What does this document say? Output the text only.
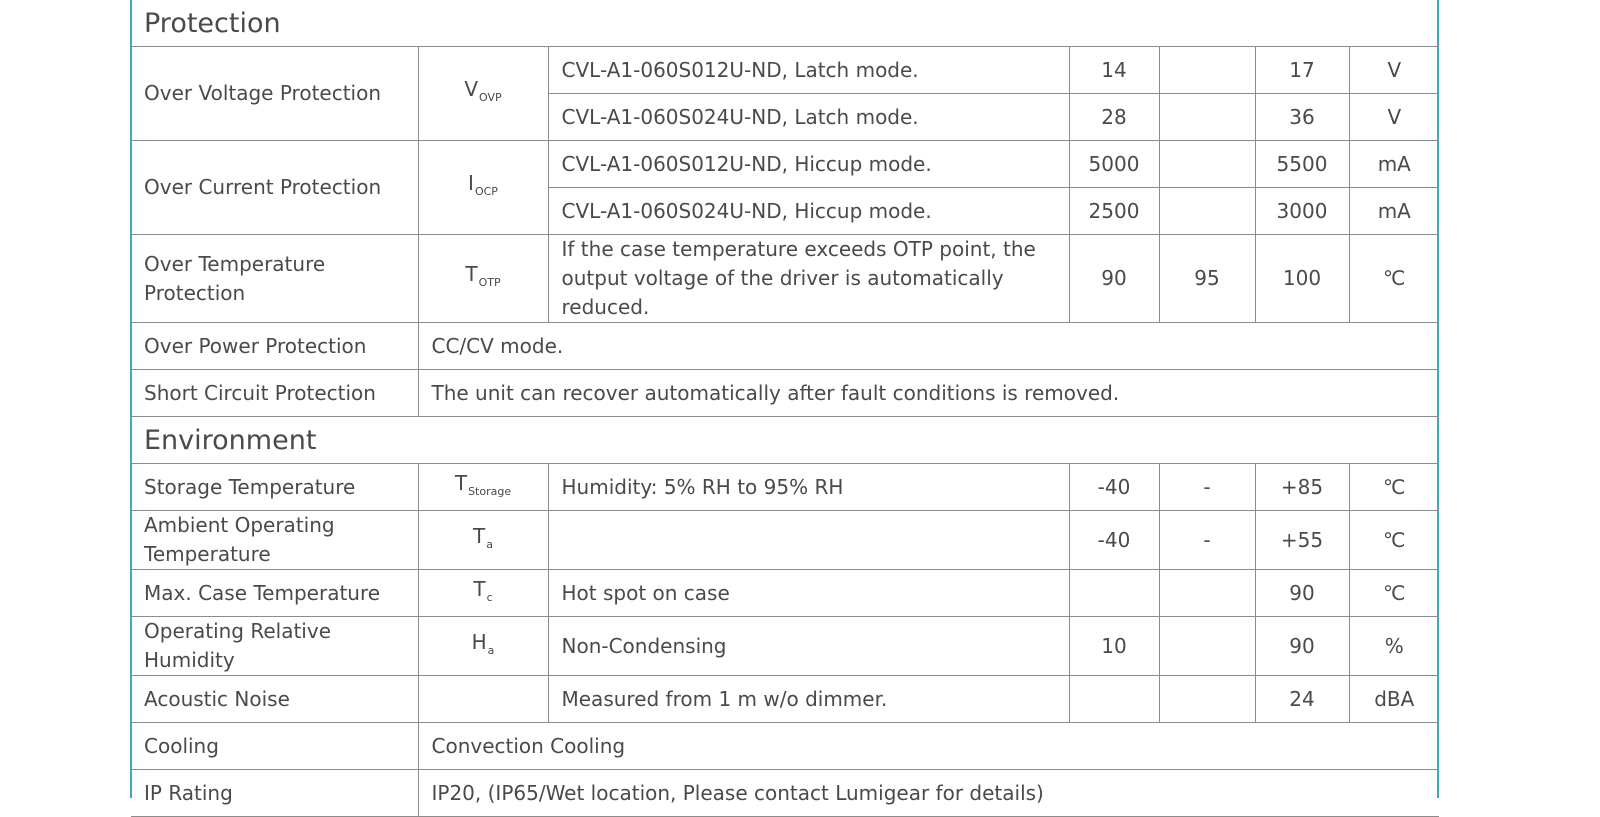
Protection						
Over Voltage Protection	$V_{OVP}$	CVL-A1-060S012U-ND, Latch mode.	14		17	V
		CVL-A1-060S024U-ND, Latch mode.	28		36	V
Over Current Protection	$I_{OCP}$	CVL-A1-060S012U-ND, Hiccup mode.	5000		5500	mA
		CVL-A1-060S024U-ND, Hiccup mode.	2500		3000	mA
Over Temperature Protection	$T_{OTP}$	If the case temperature exceeds OTP point, the output voltage of the driver is automatically reduced.	90	95	100	℃
Over Power Protection	CC/CV mode.					
Short Circuit Protection	The unit can recover automatically after fault conditions is removed.					
Environment						
Storage Temperature	$T_{Storage}$	Humidity: 5% RH to 95% RH	-40	-	+85	℃
Ambient Operating Temperature	$T_a$		-40	-	+55	℃
Max. Case Temperature	$T_c$	Hot spot on case			90	℃
Operating Relative Humidity	$H_a$	Non-Condensing	10		90	%
Acoustic Noise		Measured from 1 m w/o dimmer.			24	dBA
Cooling	Convection Cooling					
IP Rating	IP20, (IP65/Wet location, Please contact Lumigear for details)					
